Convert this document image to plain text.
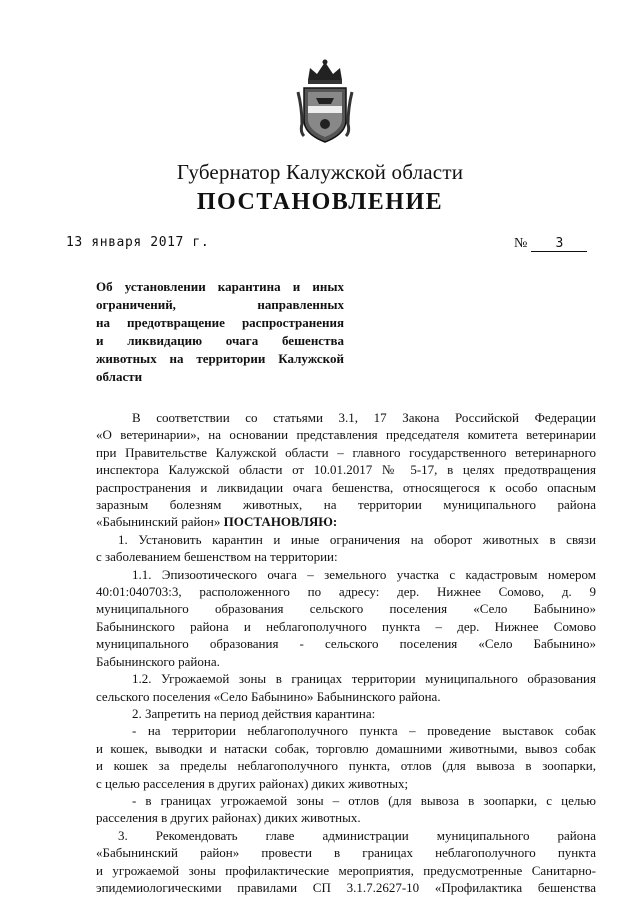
Губернатор Калужской области
ПОСТАНОВЛЕНИЕ
13 января 2017 г.	№ 3
Об установлении карантина и иных
ограничений, направленных
на предотвращение распространения
и ликвидацию очага бешенства
животных на территории Калужской
области
В соответствии со статьями 3.1, 17 Закона Российской Федерации
«О ветеринарии», на основании представления председателя комитета ветеринарии
при Правительстве Калужской области – главного государственного ветеринарного
инспектора Калужской области от 10.01.2017 № 5-17, в целях предотвращения
распространения и ликвидации очага бешенства, относящегося к особо опасным
заразным болезням животных, на территории муниципального района
«Бабынинский район» ПОСТАНОВЛЯЮ:
1. Установить карантин и иные ограничения на оборот животных в связи
с заболеванием бешенством на территории:
1.1. Эпизоотического очага – земельного участка с кадастровым номером
40:01:040703:3, расположенного по адресу: дер. Нижнее Сомово, д. 9
муниципального образования сельского поселения «Село Бабынино»
Бабынинского района и неблагополучного пункта – дер. Нижнее Сомово
муниципального образования - сельского поселения «Село Бабынино»
Бабынинского района.
1.2. Угрожаемой зоны в границах территории муниципального образования
сельского поселения «Село Бабынино» Бабынинского района.
2. Запретить на период действия карантина:
- на территории неблагополучного пункта – проведение выставок собак
и кошек, выводки и натаски собак, торговлю домашними животными, вывоз собак
и кошек за пределы неблагополучного пункта, отлов (для вывоза в зоопарки,
с целью расселения в других районах) диких животных;
- в границах угрожаемой зоны – отлов (для вывоза в зоопарки, с целью
расселения в других районах) диких животных.
3. Рекомендовать главе администрации муниципального района
«Бабынинский район» провести в границах неблагополучного пункта
и угрожаемой зоны профилактические мероприятия, предусмотренные Санитарно-
эпидемиологическими правилами СП 3.1.7.2627-10 «Профилактика бешенства
